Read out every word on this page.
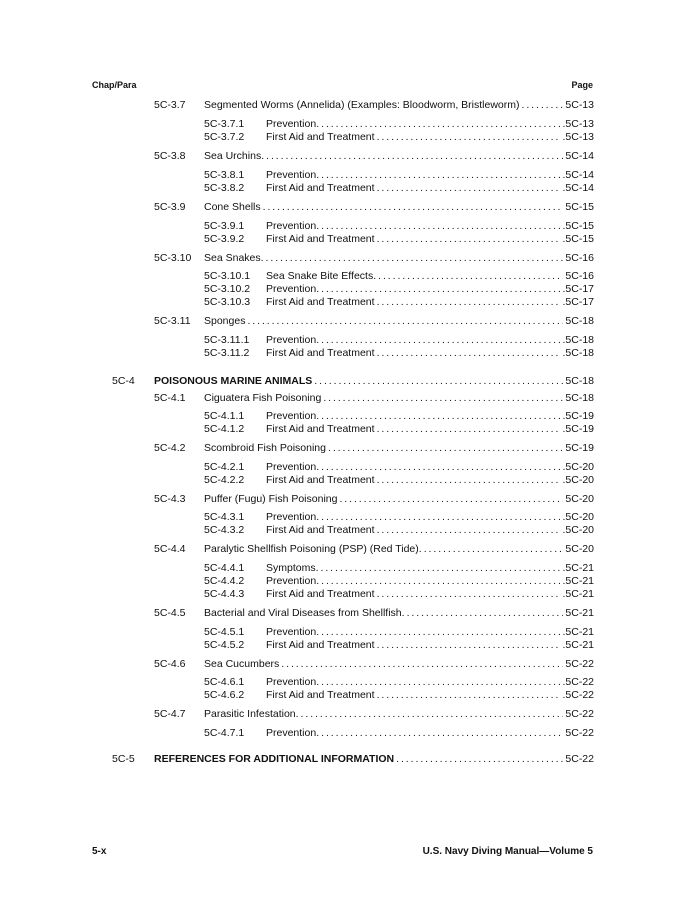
Chap/Para	Page
5C-3.7	Segmented Worms (Annelida) (Examples: Bloodworm, Bristleworm) . . .	5C-13
5C-3.7.1	Prevention. . . .	.5C-13
5C-3.7.2	First Aid and Treatment . . .	.5C-13
5C-3.8	Sea Urchins. . . .	5C-14
5C-3.8.1	Prevention. . . .	.5C-14
5C-3.8.2	First Aid and Treatment . . .	.5C-14
5C-3.9	Cone Shells . . .	5C-15
5C-3.9.1	Prevention. . . .	.5C-15
5C-3.9.2	First Aid and Treatment . . .	.5C-15
5C-3.10	Sea Snakes. . . .	5C-16
5C-3.10.1	Sea Snake Bite Effects. . . .	5C-16
5C-3.10.2	Prevention. . . .	.5C-17
5C-3.10.3	First Aid and Treatment . . .	.5C-17
5C-3.11	Sponges . . .	5C-18
5C-3.11.1	Prevention. . . .	.5C-18
5C-3.11.2	First Aid and Treatment . . .	.5C-18
5C-4	POISONOUS MARINE ANIMALS . . .	5C-18
5C-4.1	Ciguatera Fish Poisoning . . .	5C-18
5C-4.1.1	Prevention. . . .	.5C-19
5C-4.1.2	First Aid and Treatment . . .	.5C-19
5C-4.2	Scombroid Fish Poisoning . . .	5C-19
5C-4.2.1	Prevention. . . .	.5C-20
5C-4.2.2	First Aid and Treatment . . .	.5C-20
5C-4.3	Puffer (Fugu) Fish Poisoning . . .	5C-20
5C-4.3.1	Prevention. . . .	.5C-20
5C-4.3.2	First Aid and Treatment . . .	.5C-20
5C-4.4	Paralytic Shellfish Poisoning (PSP) (Red Tide). . . .	5C-20
5C-4.4.1	Symptoms. . . .	.5C-21
5C-4.4.2	Prevention. . . .	.5C-21
5C-4.4.3	First Aid and Treatment . . .	.5C-21
5C-4.5	Bacterial and Viral Diseases from Shellfish. . . .	5C-21
5C-4.5.1	Prevention. . . .	.5C-21
5C-4.5.2	First Aid and Treatment . . .	.5C-21
5C-4.6	Sea Cucumbers . . .	5C-22
5C-4.6.1	Prevention. . . .	.5C-22
5C-4.6.2	First Aid and Treatment . . .	.5C-22
5C-4.7	Parasitic Infestation. . . .	5C-22
5C-4.7.1	Prevention. . . .	5C-22
5C-5	REFERENCES FOR ADDITIONAL INFORMATION . . .	5C-22
5-x	U.S. Navy Diving Manual—Volume 5
